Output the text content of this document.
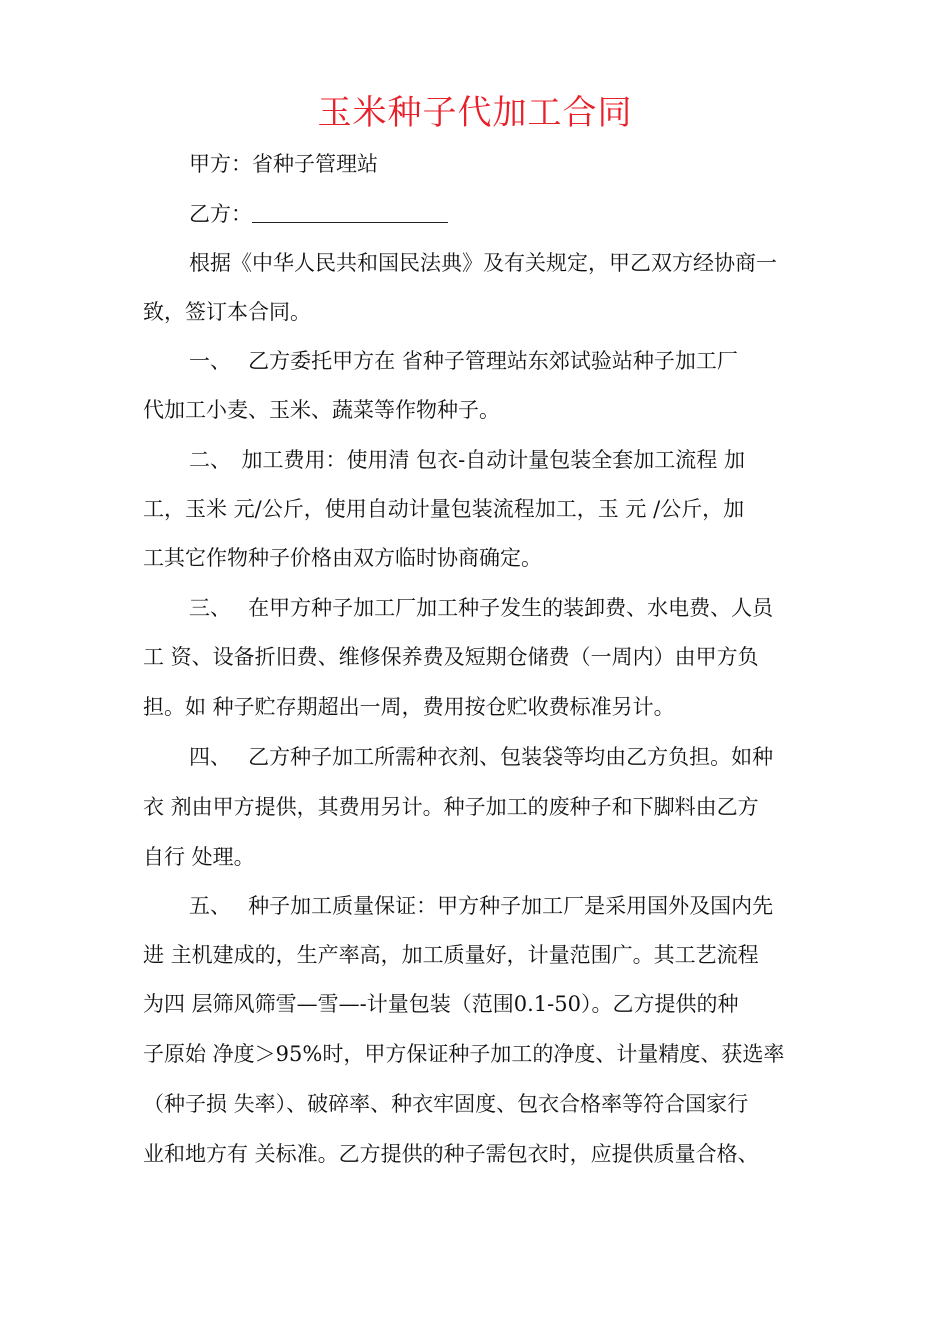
玉米种子代加工合同
甲方：省种子管理站
乙方：
根据《中华人民共和国民法典》及有关规定，甲乙双方经协商一
致，签订本合同。
一、　 乙方委托甲方在 省种子管理站东郊试验站种子加工厂
代加工小麦、玉米、蔬菜等作物种子。
二、　加工费用：使用清 包衣-自动计量包装全套加工流程 加
工，玉米 元/公斤，使用自动计量包装流程加工，玉 元 /公斤，加
工其它作物种子价格由双方临时协商确定。
三、　 在甲方种子加工厂加工种子发生的装卸费、水电费、人员
工 资、设备折旧费、维修保养费及短期仓储费（一周内）由甲方负
担。如 种子贮存期超出一周，费用按仓贮收费标准另计。
四、　 乙方种子加工所需种衣剂、包装袋等均由乙方负担。如种
衣 剂由甲方提供，其费用另计。种子加工的废种子和下脚料由乙方
自行 处理。
五、　 种子加工质量保证：甲方种子加工厂是采用国外及国内先
进 主机建成的，生产率高，加工质量好，计量范围广。其工艺流程
为四 层筛风筛雪—雪—-计量包装（范围0.1-50）。乙方提供的种
子原始 净度＞95%时，甲方保证种子加工的净度、计量精度、获选率
（种子损 失率）、破碎率、种衣牢固度、包衣合格率等符合国家行
业和地方有 关标准。乙方提供的种子需包衣时，应提供质量合格、
